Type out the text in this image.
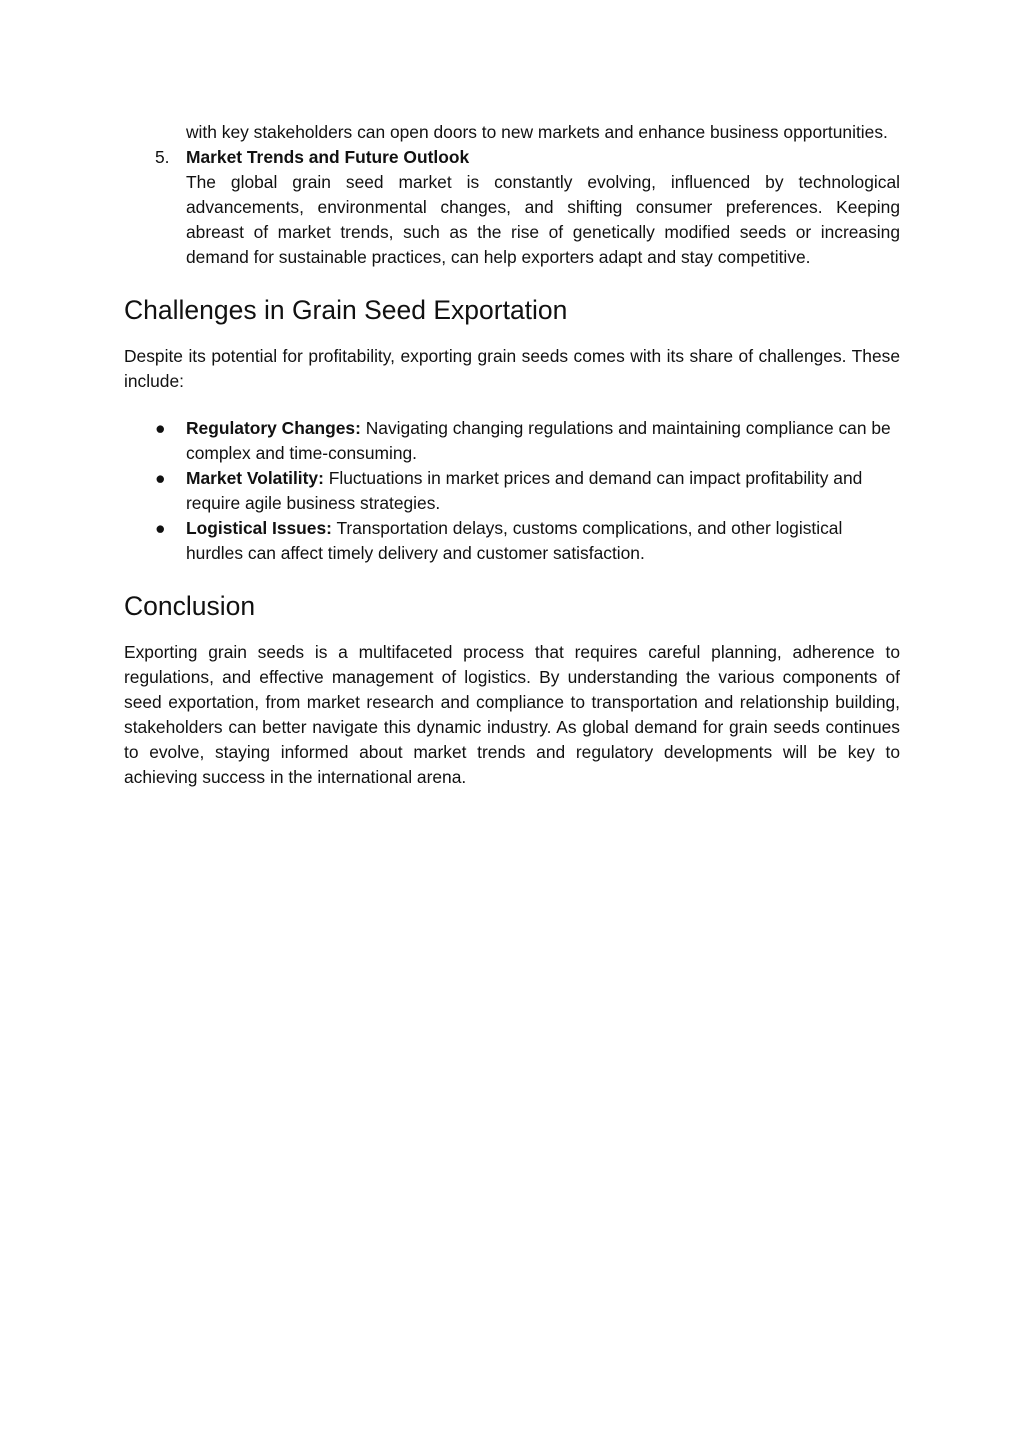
with key stakeholders can open doors to new markets and enhance business opportunities.

5. Market Trends and Future Outlook

The global grain seed market is constantly evolving, influenced by technological advancements, environmental changes, and shifting consumer preferences. Keeping abreast of market trends, such as the rise of genetically modified seeds or increasing demand for sustainable practices, can help exporters adapt and stay competitive.

Challenges in Grain Seed Exportation

Despite its potential for profitability, exporting grain seeds comes with its share of challenges. These include:

● Regulatory Changes: Navigating changing regulations and maintaining compliance can be complex and time-consuming.
● Market Volatility: Fluctuations in market prices and demand can impact profitability and require agile business strategies.
● Logistical Issues: Transportation delays, customs complications, and other logistical hurdles can affect timely delivery and customer satisfaction.
Conclusion

Exporting grain seeds is a multifaceted process that requires careful planning, adherence to regulations, and effective management of logistics. By understanding the various components of seed exportation, from market research and compliance to transportation and relationship building, stakeholders can better navigate this dynamic industry. As global demand for grain seeds continues to evolve, staying informed about market trends and regulatory developments will be key to achieving success in the international arena.
